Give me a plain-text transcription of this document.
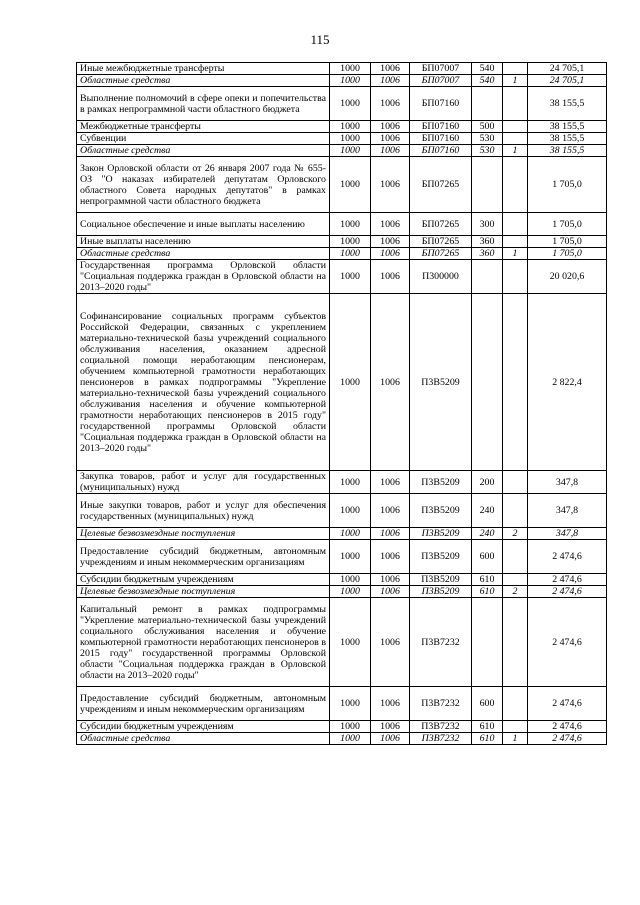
115
Иные межбюджетные трансферты	1000	1006	БП07007	540		24 705,1
Областные средства	1000	1006	БП07007	540	1	24 705,1
Выполнение полномочий в сфере опеки и попечительства в рамках непрограммной части областного бюджета	1000	1006	БП07160			38 155,5
Межбюджетные трансферты	1000	1006	БП07160	500		38 155,5
Субвенции	1000	1006	БП07160	530		38 155,5
Областные средства	1000	1006	БП07160	530	1	38 155,5
Закон Орловской области от 26 января 2007 года № 655-ОЗ "О наказах избирателей депутатам Орловского областного Совета народных депутатов" в рамках непрограммной части областного бюджета	1000	1006	БП07265			1 705,0
Социальное обеспечение и иные выплаты населению	1000	1006	БП07265	300		1 705,0
Иные выплаты населению	1000	1006	БП07265	360		1 705,0
Областные средства	1000	1006	БП07265	360	1	1 705,0
Государственная программа Орловской области "Социальная поддержка граждан в Орловской области на 2013–2020 годы"	1000	1006	П300000			20 020,6
Софинансирование социальных программ субъектов Российской Федерации, связанных с укреплением материально-технической базы учреждений социального обслуживания населения, оказанием адресной социальной помощи неработающим пенсионерам, обучением компьютерной грамотности неработающих пенсионеров в рамках подпрограммы "Укрепление материально-технической базы учреждений социального обслуживания населения и обучение компьютерной грамотности неработающих пенсионеров в 2015 году" государственной программы Орловской области "Социальная поддержка граждан в Орловской области на 2013–2020 годы"	1000	1006	П3В5209			2 822,4
Закупка товаров, работ и услуг для государственных (муниципальных) нужд	1000	1006	П3В5209	200		347,8
Иные закупки товаров, работ и услуг для обеспечения государственных (муниципальных) нужд	1000	1006	П3В5209	240		347,8
Целевые безвозмездные поступления	1000	1006	П3В5209	240	2	347,8
Предоставление субсидий бюджетным, автономным учреждениям и иным некоммерческим организациям	1000	1006	П3В5209	600		2 474,6
Субсидии бюджетным учреждениям	1000	1006	П3В5209	610		2 474,6
Целевые безвозмездные поступления	1000	1006	П3В5209	610	2	2 474,6
Капитальный ремонт в рамках подпрограммы "Укрепление материально-технической базы учреждений социального обслуживания населения и обучение компьютерной грамотности неработающих пенсионеров в 2015 году" государственной программы Орловской области "Социальная поддержка граждан в Орловской области на 2013–2020 годы"	1000	1006	П3В7232			2 474,6
Предоставление субсидий бюджетным, автономным учреждениям и иным некоммерческим организациям	1000	1006	П3В7232	600		2 474,6
Субсидии бюджетным учреждениям	1000	1006	П3В7232	610		2 474,6
Областные средства	1000	1006	П3В7232	610	1	2 474,6
